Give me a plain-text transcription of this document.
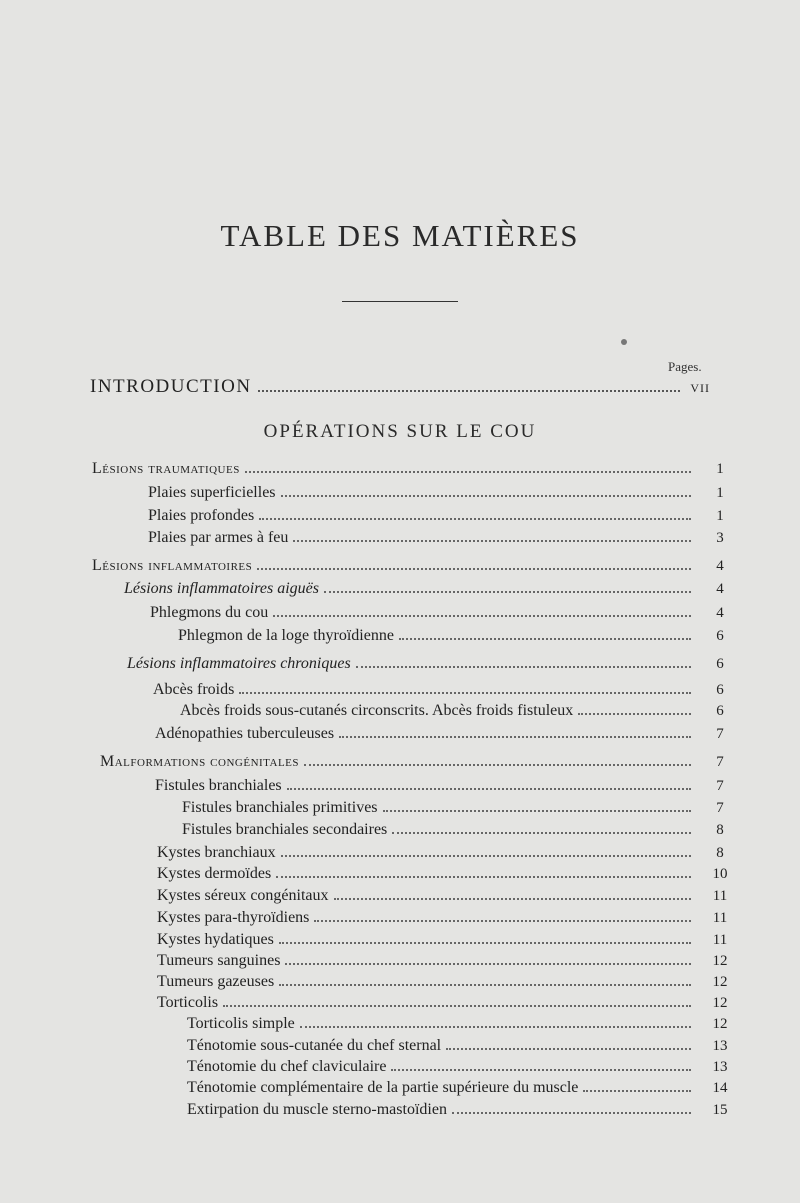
TABLE DES MATIÈRES
Pages.
INTRODUCTION	VII
OPÉRATIONS SUR LE COU
Lésions traumatiques	1
Plaies superficielles	1
Plaies profondes	1
Plaies par armes à feu	3
Lésions inflammatoires	4
Lésions inflammatoires aiguës	4
Phlegmons du cou	4
Phlegmon de la loge thyroïdienne	6
Lésions inflammatoires chroniques	6
Abcès froids	6
Abcès froids sous-cutanés circonscrits. Abcès froids fistuleux	6
Adénopathies tuberculeuses	7
Malformations congénitales	7
Fistules branchiales	7
Fistules branchiales primitives	7
Fistules branchiales secondaires	8
Kystes branchiaux	8
Kystes dermoïdes	10
Kystes séreux congénitaux	11
Kystes para-thyroïdiens	11
Kystes hydatiques	11
Tumeurs sanguines	12
Tumeurs gazeuses	12
Torticolis	12
Torticolis simple	12
Ténotomie sous-cutanée du chef sternal	13
Ténotomie du chef claviculaire	13
Ténotomie complémentaire de la partie supérieure du muscle	14
Extirpation du muscle sterno-mastoïdien	15
